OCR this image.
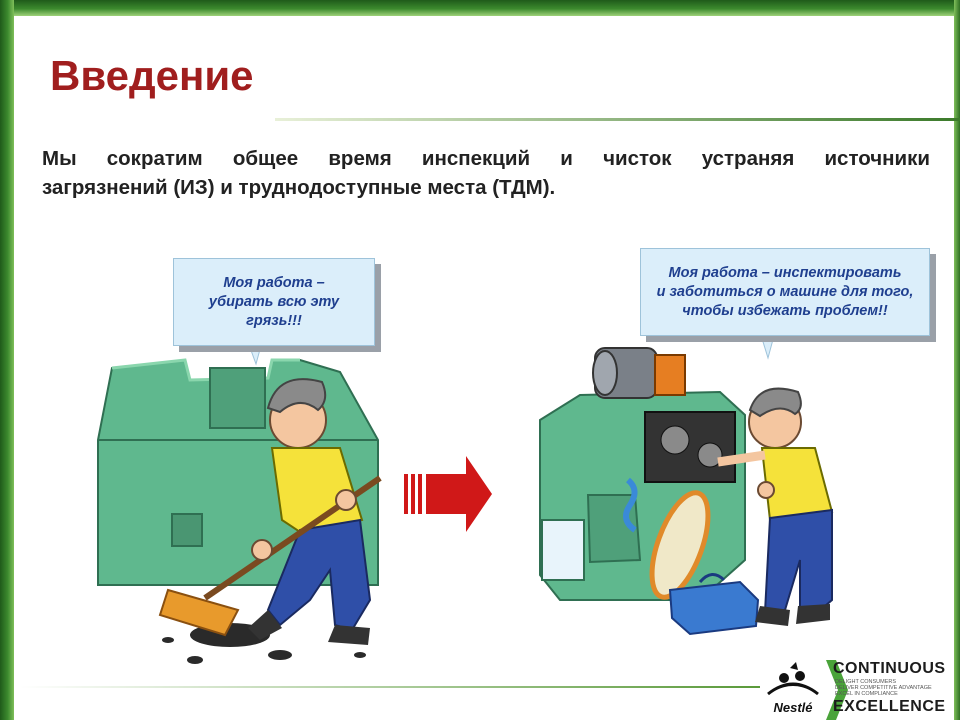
Введение

Мы сократим общее время инспекций и чисток устраняя источники
загрязнений (ИЗ) и труднодоступные места (ТДМ).

Моя работа –
убирать всю эту
грязь!!!
Моя работа – инспектировать
и заботиться о машине для того,
чтобы избежать проблем!!
Nestlé
CONTINUOUS
DELIGHT CONSUMERS
DELIVER COMPETITIVE ADVANTAGE
EXCEL IN COMPLIANCE
EXCELLENCE
